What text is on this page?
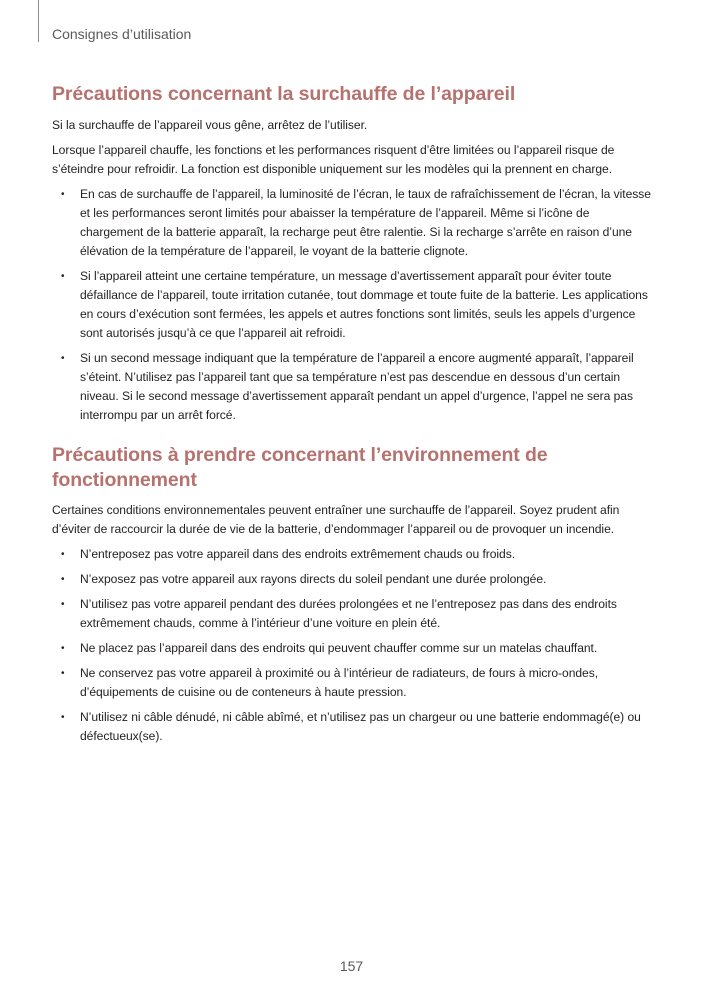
Consignes d’utilisation
Précautions concernant la surchauffe de l’appareil

Si la surchauffe de l’appareil vous gêne, arrêtez de l’utiliser.

Lorsque l’appareil chauffe, les fonctions et les performances risquent d’être limitées ou l’appareil risque de s’éteindre pour refroidir. La fonction est disponible uniquement sur les modèles qui la prennent en charge.

• En cas de surchauffe de l’appareil, la luminosité de l’écran, le taux de rafraîchissement de l’écran, la vitesse et les performances seront limités pour abaisser la température de l’appareil. Même si l’icône de chargement de la batterie apparaît, la recharge peut être ralentie. Si la recharge s’arrête en raison d’une élévation de la température de l’appareil, le voyant de la batterie clignote.
• Si l’appareil atteint une certaine température, un message d’avertissement apparaît pour éviter toute défaillance de l’appareil, toute irritation cutanée, tout dommage et toute fuite de la batterie. Les applications en cours d’exécution sont fermées, les appels et autres fonctions sont limités, seuls les appels d’urgence sont autorisés jusqu’à ce que l’appareil ait refroidi.
• Si un second message indiquant que la température de l’appareil a encore augmenté apparaît, l’appareil s’éteint. N’utilisez pas l’appareil tant que sa température n’est pas descendue en dessous d’un certain niveau. Si le second message d’avertissement apparaît pendant un appel d’urgence, l’appel ne sera pas interrompu par un arrêt forcé.
Précautions à prendre concernant l’environnement de
fonctionnement

Certaines conditions environnementales peuvent entraîner une surchauffe de l’appareil. Soyez prudent afin d’éviter de raccourcir la durée de vie de la batterie, d’endommager l’appareil ou de provoquer un incendie.

• N’entreposez pas votre appareil dans des endroits extrêmement chauds ou froids.
• N’exposez pas votre appareil aux rayons directs du soleil pendant une durée prolongée.
• N’utilisez pas votre appareil pendant des durées prolongées et ne l’entreposez pas dans des endroits extrêmement chauds, comme à l’intérieur d’une voiture en plein été.
• Ne placez pas l’appareil dans des endroits qui peuvent chauffer comme sur un matelas chauffant.
• Ne conservez pas votre appareil à proximité ou à l’intérieur de radiateurs, de fours à micro-ondes, d’équipements de cuisine ou de conteneurs à haute pression.
• N’utilisez ni câble dénudé, ni câble abîmé, et n’utilisez pas un chargeur ou une batterie endommagé(e) ou défectueux(se).
157
